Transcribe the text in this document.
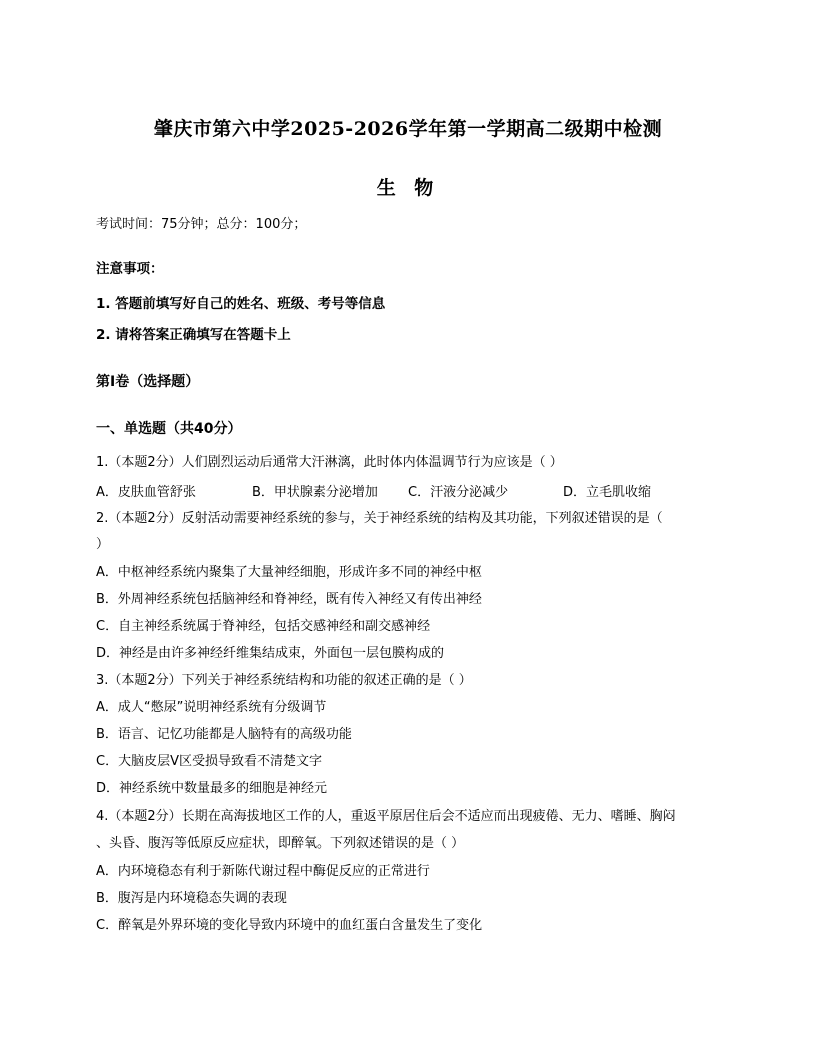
肇庆市第六中学2025-2026学年第一学期高二级期中检测
生 物
考试时间：75分钟；总分：100分；
注意事项：
1. 答题前填写好自己的姓名、班级、考号等信息
2. 请将答案正确填写在答题卡上
第Ⅰ卷（选择题）
一、单选题（共40分）
1.（本题2分）人们剧烈运动后通常大汗淋漓，此时体内体温调节行为应该是（ ）
A．皮肤血管舒张	B．甲状腺素分泌增加 C．汗液分泌减少	D．立毛肌收缩
2.（本题2分）反射活动需要神经系统的参与，关于神经系统的结构及其功能，下列叙述错误的是（
）
A．中枢神经系统内聚集了大量神经细胞，形成许多不同的神经中枢
B．外周神经系统包括脑神经和脊神经，既有传入神经又有传出神经
C．自主神经系统属于脊神经，包括交感神经和副交感神经
D．神经是由许多神经纤维集结成束，外面包一层包膜构成的
3.（本题2分）下列关于神经系统结构和功能的叙述正确的是（ ）
A．成人“憋尿”说明神经系统有分级调节
B．语言、记忆功能都是人脑特有的高级功能
C．大脑皮层V区受损导致看不清楚文字
D．神经系统中数量最多的细胞是神经元
4.（本题2分）长期在高海拔地区工作的人，重返平原居住后会不适应而出现疲倦、无力、嗜睡、胸闷
、头昏、腹泻等低原反应症状，即醉氧。下列叙述错误的是（ ）
A．内环境稳态有利于新陈代谢过程中酶促反应的正常进行
B．腹泻是内环境稳态失调的表现
C．醉氧是外界环境的变化导致内环境中的血红蛋白含量发生了变化
